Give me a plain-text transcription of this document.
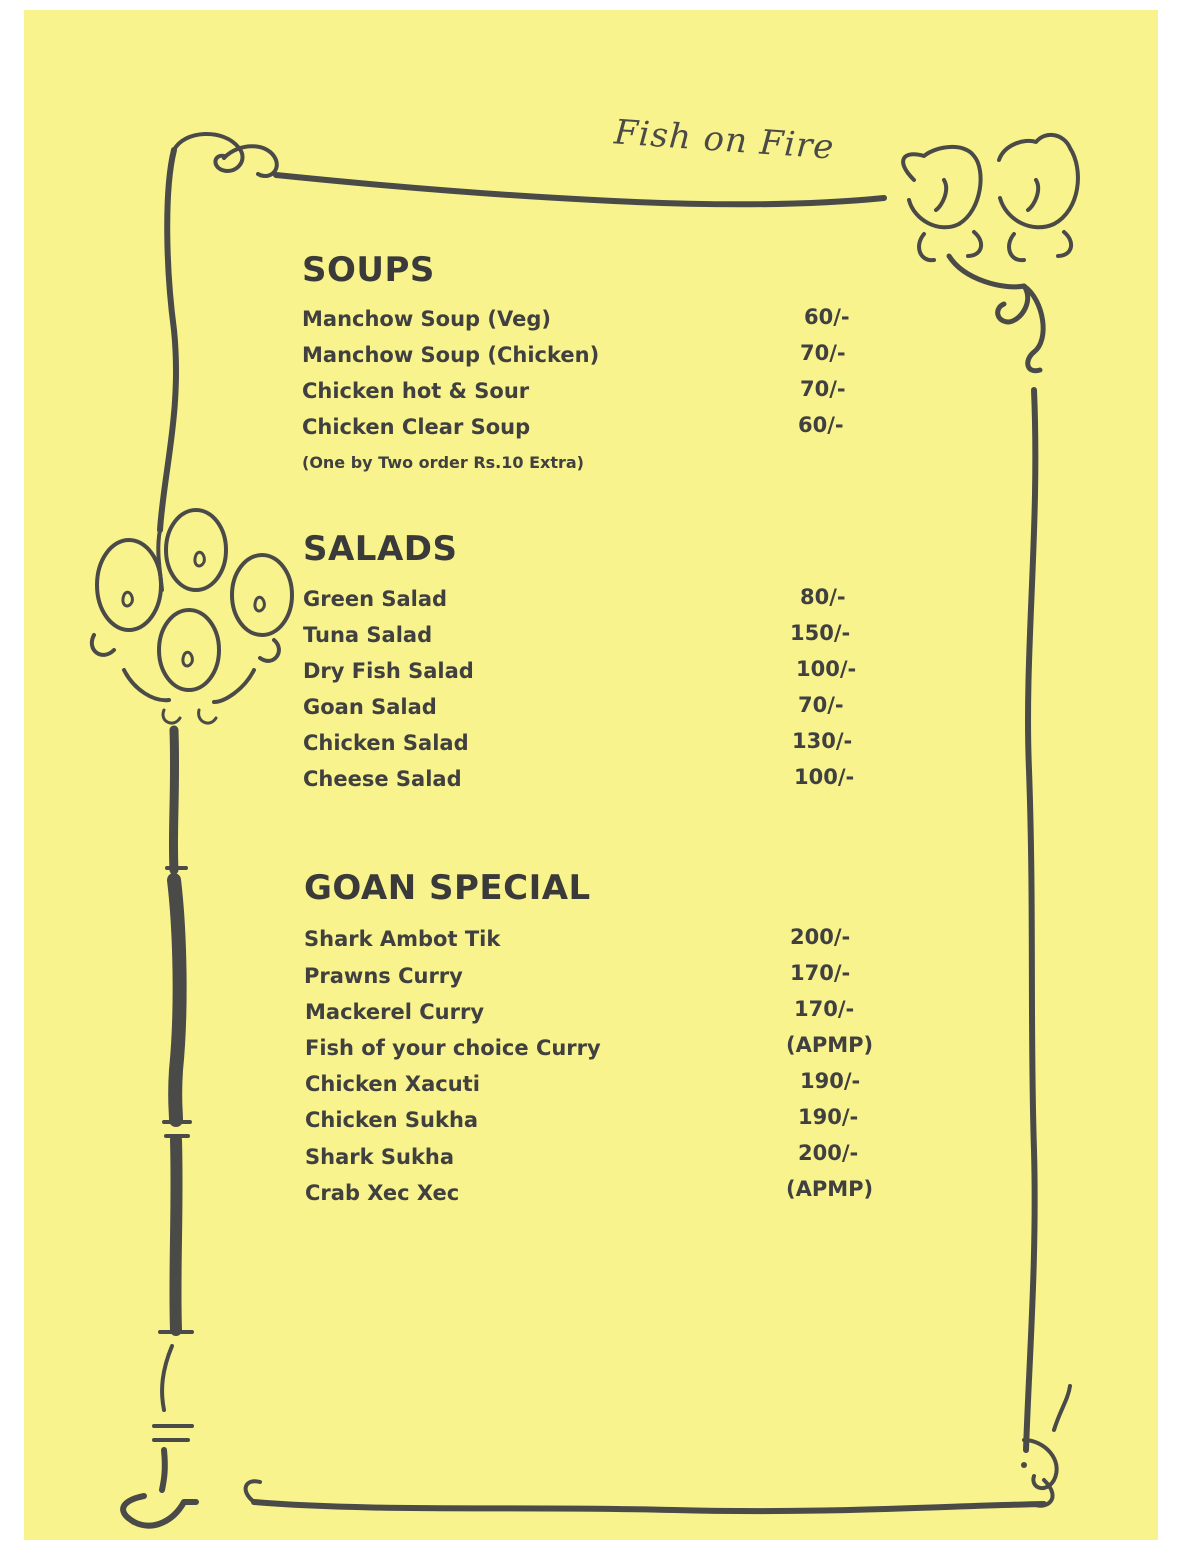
Fish on Fire
SOUPS
Manchow Soup (Veg)	60/-
Manchow Soup (Chicken)	70/-
Chicken hot & Sour	70/-
Chicken Clear Soup	60/-
(One by Two order Rs.10 Extra)
SALADS
Green Salad	80/-
Tuna Salad	150/-
Dry Fish Salad	100/-
Goan Salad	70/-
Chicken Salad	130/-
Cheese Salad	100/-
GOAN SPECIAL
Shark Ambot Tik	200/-
Prawns Curry	170/-
Mackerel Curry	170/-
Fish of your choice Curry	(APMP)
Chicken Xacuti	190/-
Chicken Sukha	190/-
Shark Sukha	200/-
Crab Xec Xec	(APMP)
